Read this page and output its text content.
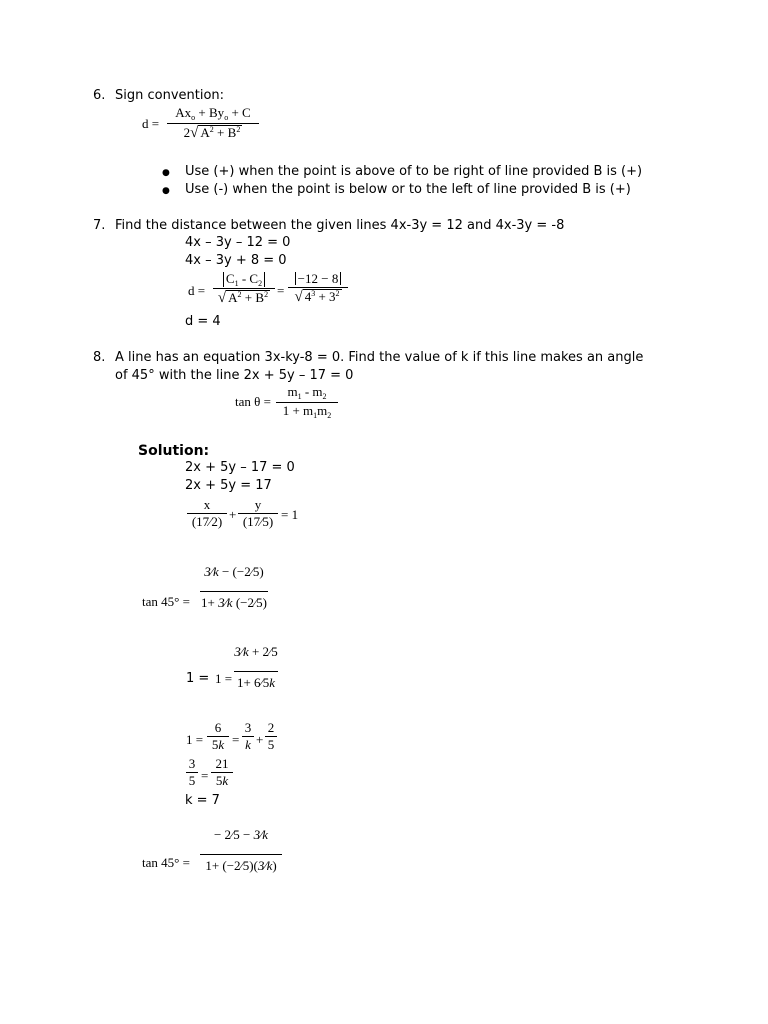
6. Sign convention:
d =
$Ax_o + By_o + C$
2√ $A^2 + B^2$
● Use (+) when the point is above of to be right of line provided B is (+)
● Use (-) when the point is below or to the left of line provided B is (+)
7. Find the distance between the given lines 4x-3y = 12 and 4x-3y = -8
4x – 3y – 12 = 0
4x – 3y + 8 = 0
d =
$C_1 - C_2$
√ $A^2 + B^2$ =
−12 − 8
√ $4^3 + 3^2$
d = 4
8. A line has an equation 3x-ky-8 = 0. Find the value of k if this line makes an angle
of 45° with the line 2x + 5y – 17 = 0
tan θ =
$m_1 - m_2$
$1 + m_1m_2$
Solution:
2x + 5y – 17 = 0
2x + 5y = 17
x
(17⁄2) +
y
(17⁄5) = 1
tan 45° =
3⁄k − (−2⁄5)
1+ 3⁄k (−2⁄5)
1 = 1 =
3⁄k + 2⁄5
1+ 6⁄5k
1 =
6
5k =
3
k +
2
5
3
5 =
21
5k
k = 7
tan 45° =
− 2⁄5 − 3⁄k
1+ (−2⁄5)(3⁄k)
